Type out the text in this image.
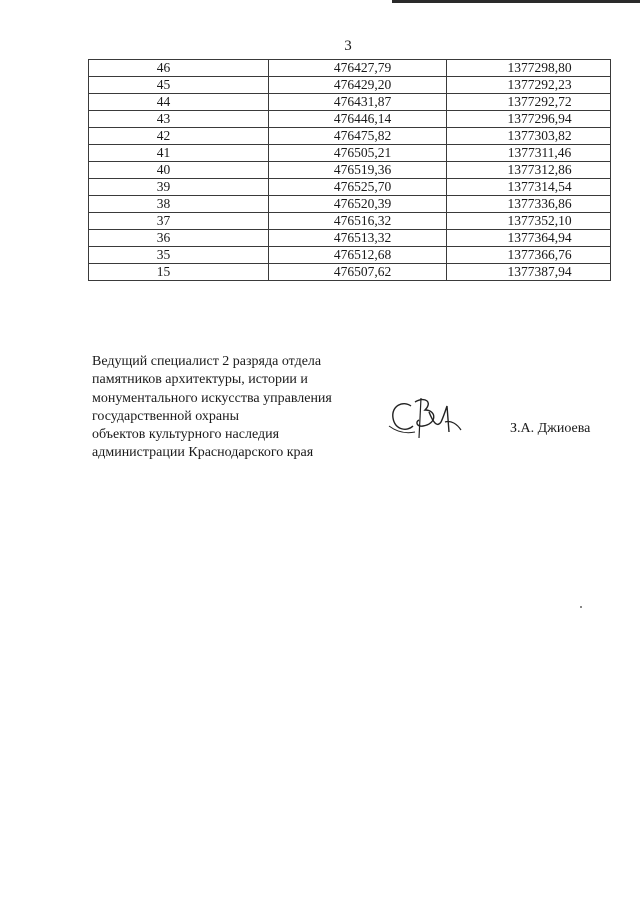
3
46	476427,79	1377298,80
45	476429,20	1377292,23
44	476431,87	1377292,72
43	476446,14	1377296,94
42	476475,82	1377303,82
41	476505,21	1377311,46
40	476519,36	1377312,86
39	476525,70	1377314,54
38	476520,39	1377336,86
37	476516,32	1377352,10
36	476513,32	1377364,94
35	476512,68	1377366,76
15	476507,62	1377387,94
Ведущий специалист 2 разряда отдела
памятников архитектуры, истории и
монументального искусства управления
государственной охраны
объектов культурного наследия
администрации Краснодарского края
З.А. Джиоева
